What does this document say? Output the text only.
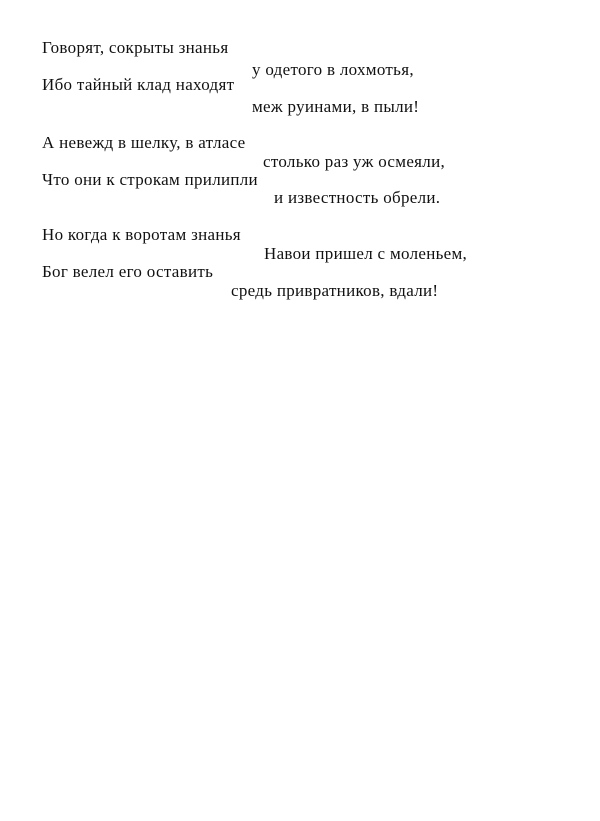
Говорят, сокрыты знанья
у одетого в лохмотья,
Ибо тайный клад находят
меж руинами, в пыли!
А невежд в шелку, в атласе
столько раз уж осмеяли,
Что они к строкам прилипли
и известность обрели.
Но когда к воротам знанья
Навои пришел с моленьем,
Бог велел его оставить
средь привратников, вдали!
